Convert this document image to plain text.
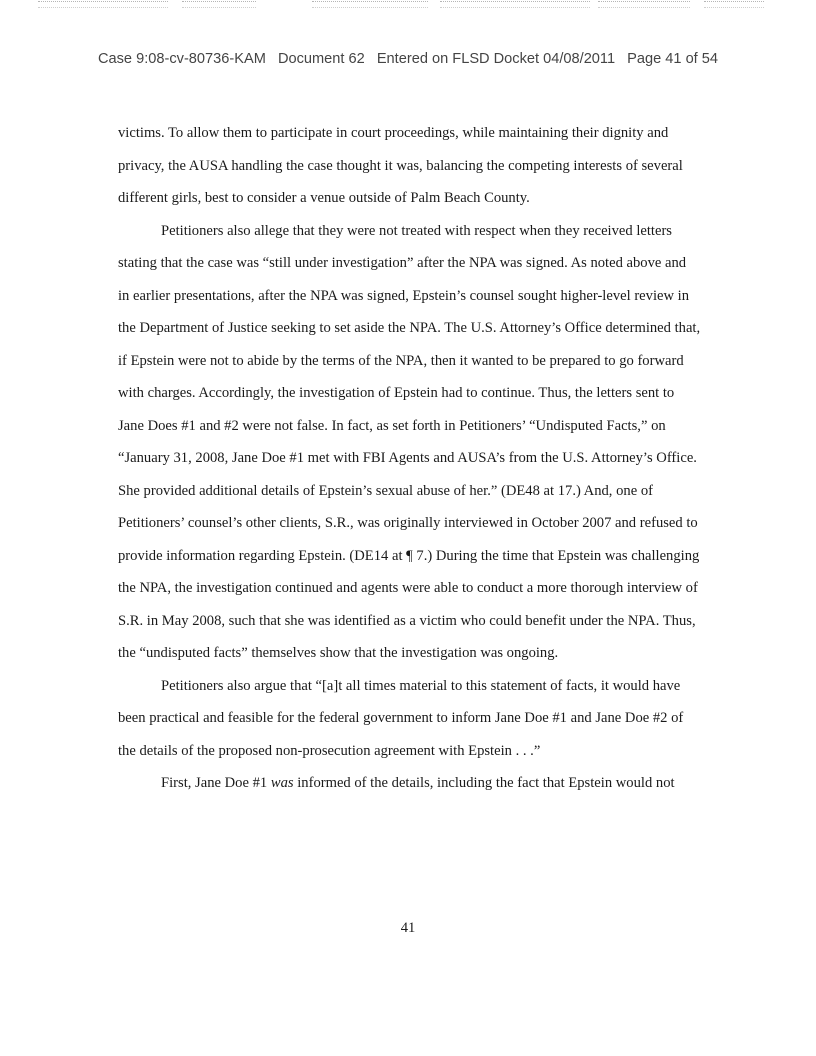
Case 9:08-cv-80736-KAM Document 62 Entered on FLSD Docket 04/08/2011 Page 41 of 54

victims. To allow them to participate in court proceedings, while maintaining their dignity and privacy, the AUSA handling the case thought it was, balancing the competing interests of several different girls, best to consider a venue outside of Palm Beach County.

Petitioners also allege that they were not treated with respect when they received letters stating that the case was “still under investigation” after the NPA was signed. As noted above and in earlier presentations, after the NPA was signed, Epstein’s counsel sought higher-level review in the Department of Justice seeking to set aside the NPA. The U.S. Attorney’s Office determined that, if Epstein were not to abide by the terms of the NPA, then it wanted to be prepared to go forward with charges. Accordingly, the investigation of Epstein had to continue. Thus, the letters sent to Jane Does #1 and #2 were not false. In fact, as set forth in Petitioners’ “Undisputed Facts,” on “January 31, 2008, Jane Doe #1 met with FBI Agents and AUSA’s from the U.S. Attorney’s Office. She provided additional details of Epstein’s sexual abuse of her.” (DE48 at 17.) And, one of Petitioners’ counsel’s other clients, S.R., was originally interviewed in October 2007 and refused to provide information regarding Epstein. (DE14 at ¶ 7.) During the time that Epstein was challenging the NPA, the investigation continued and agents were able to conduct a more thorough interview of S.R. in May 2008, such that she was identified as a victim who could benefit under the NPA. Thus, the “undisputed facts” themselves show that the investigation was ongoing.

Petitioners also argue that “[a]t all times material to this statement of facts, it would have been practical and feasible for the federal government to inform Jane Doe #1 and Jane Doe #2 of the details of the proposed non-prosecution agreement with Epstein . . .”

First, Jane Doe #1 was informed of the details, including the fact that Epstein would not

41
